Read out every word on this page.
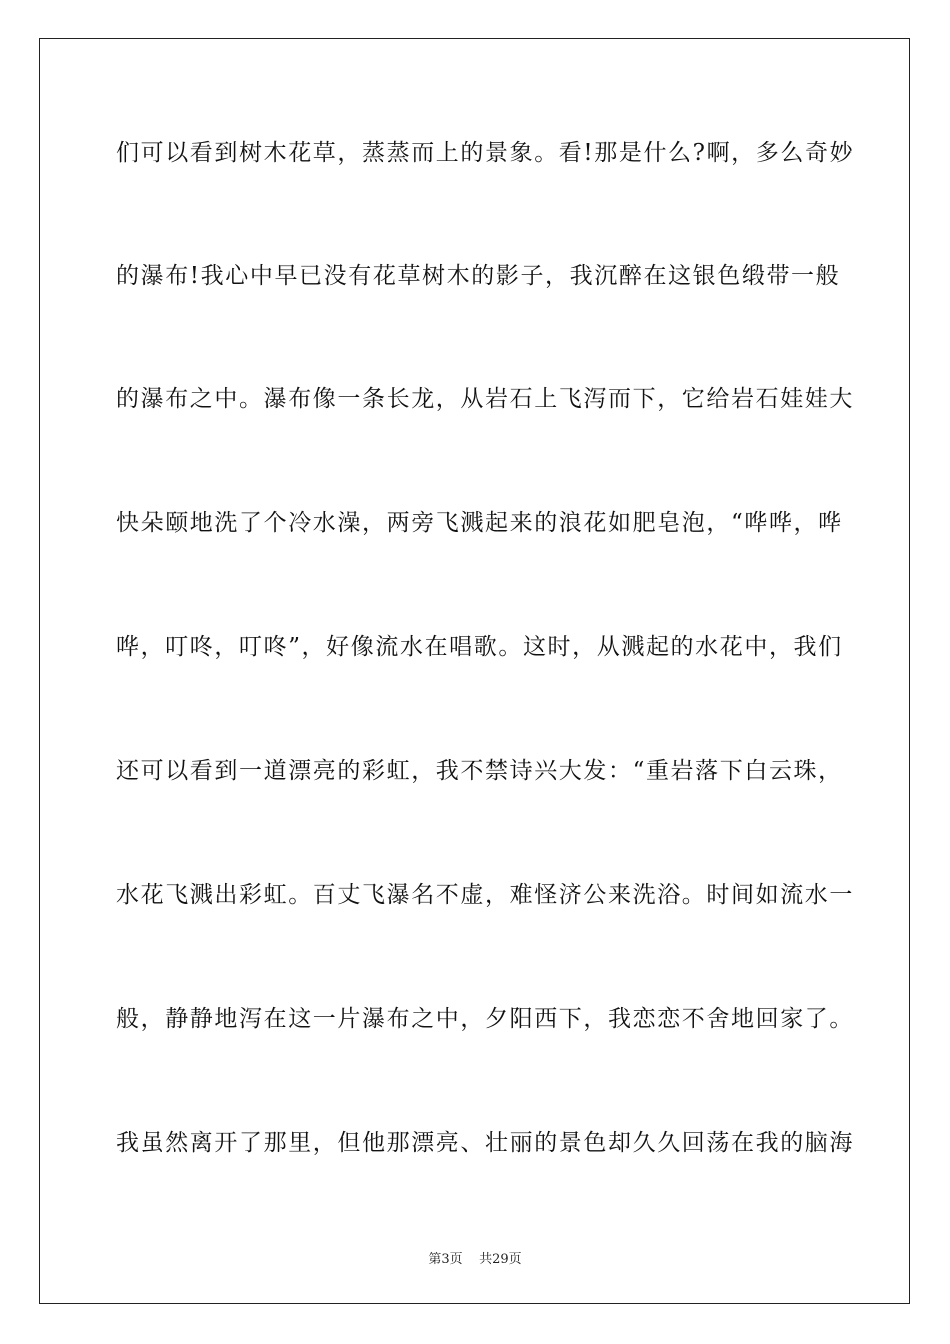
们可以看到树木花草，蒸蒸而上的景象。看!那是什么?啊，多么奇妙
的瀑布!我心中早已没有花草树木的影子，我沉醉在这银色缎带一般
的瀑布之中。瀑布像一条长龙，从岩石上飞泻而下，它给岩石娃娃大
快朵颐地洗了个冷水澡，两旁飞溅起来的浪花如肥皂泡，“哗哗，哗
哗，叮咚，叮咚”，好像流水在唱歌。这时，从溅起的水花中，我们
还可以看到一道漂亮的彩虹，我不禁诗兴大发：“重岩落下白云珠，
水花飞溅出彩虹。百丈飞瀑名不虚，难怪济公来洗浴。时间如流水一
般，静静地泻在这一片瀑布之中，夕阳西下，我恋恋不舍地回家了。
我虽然离开了那里，但他那漂亮、壮丽的景色却久久回荡在我的脑海
第3页 共29页
